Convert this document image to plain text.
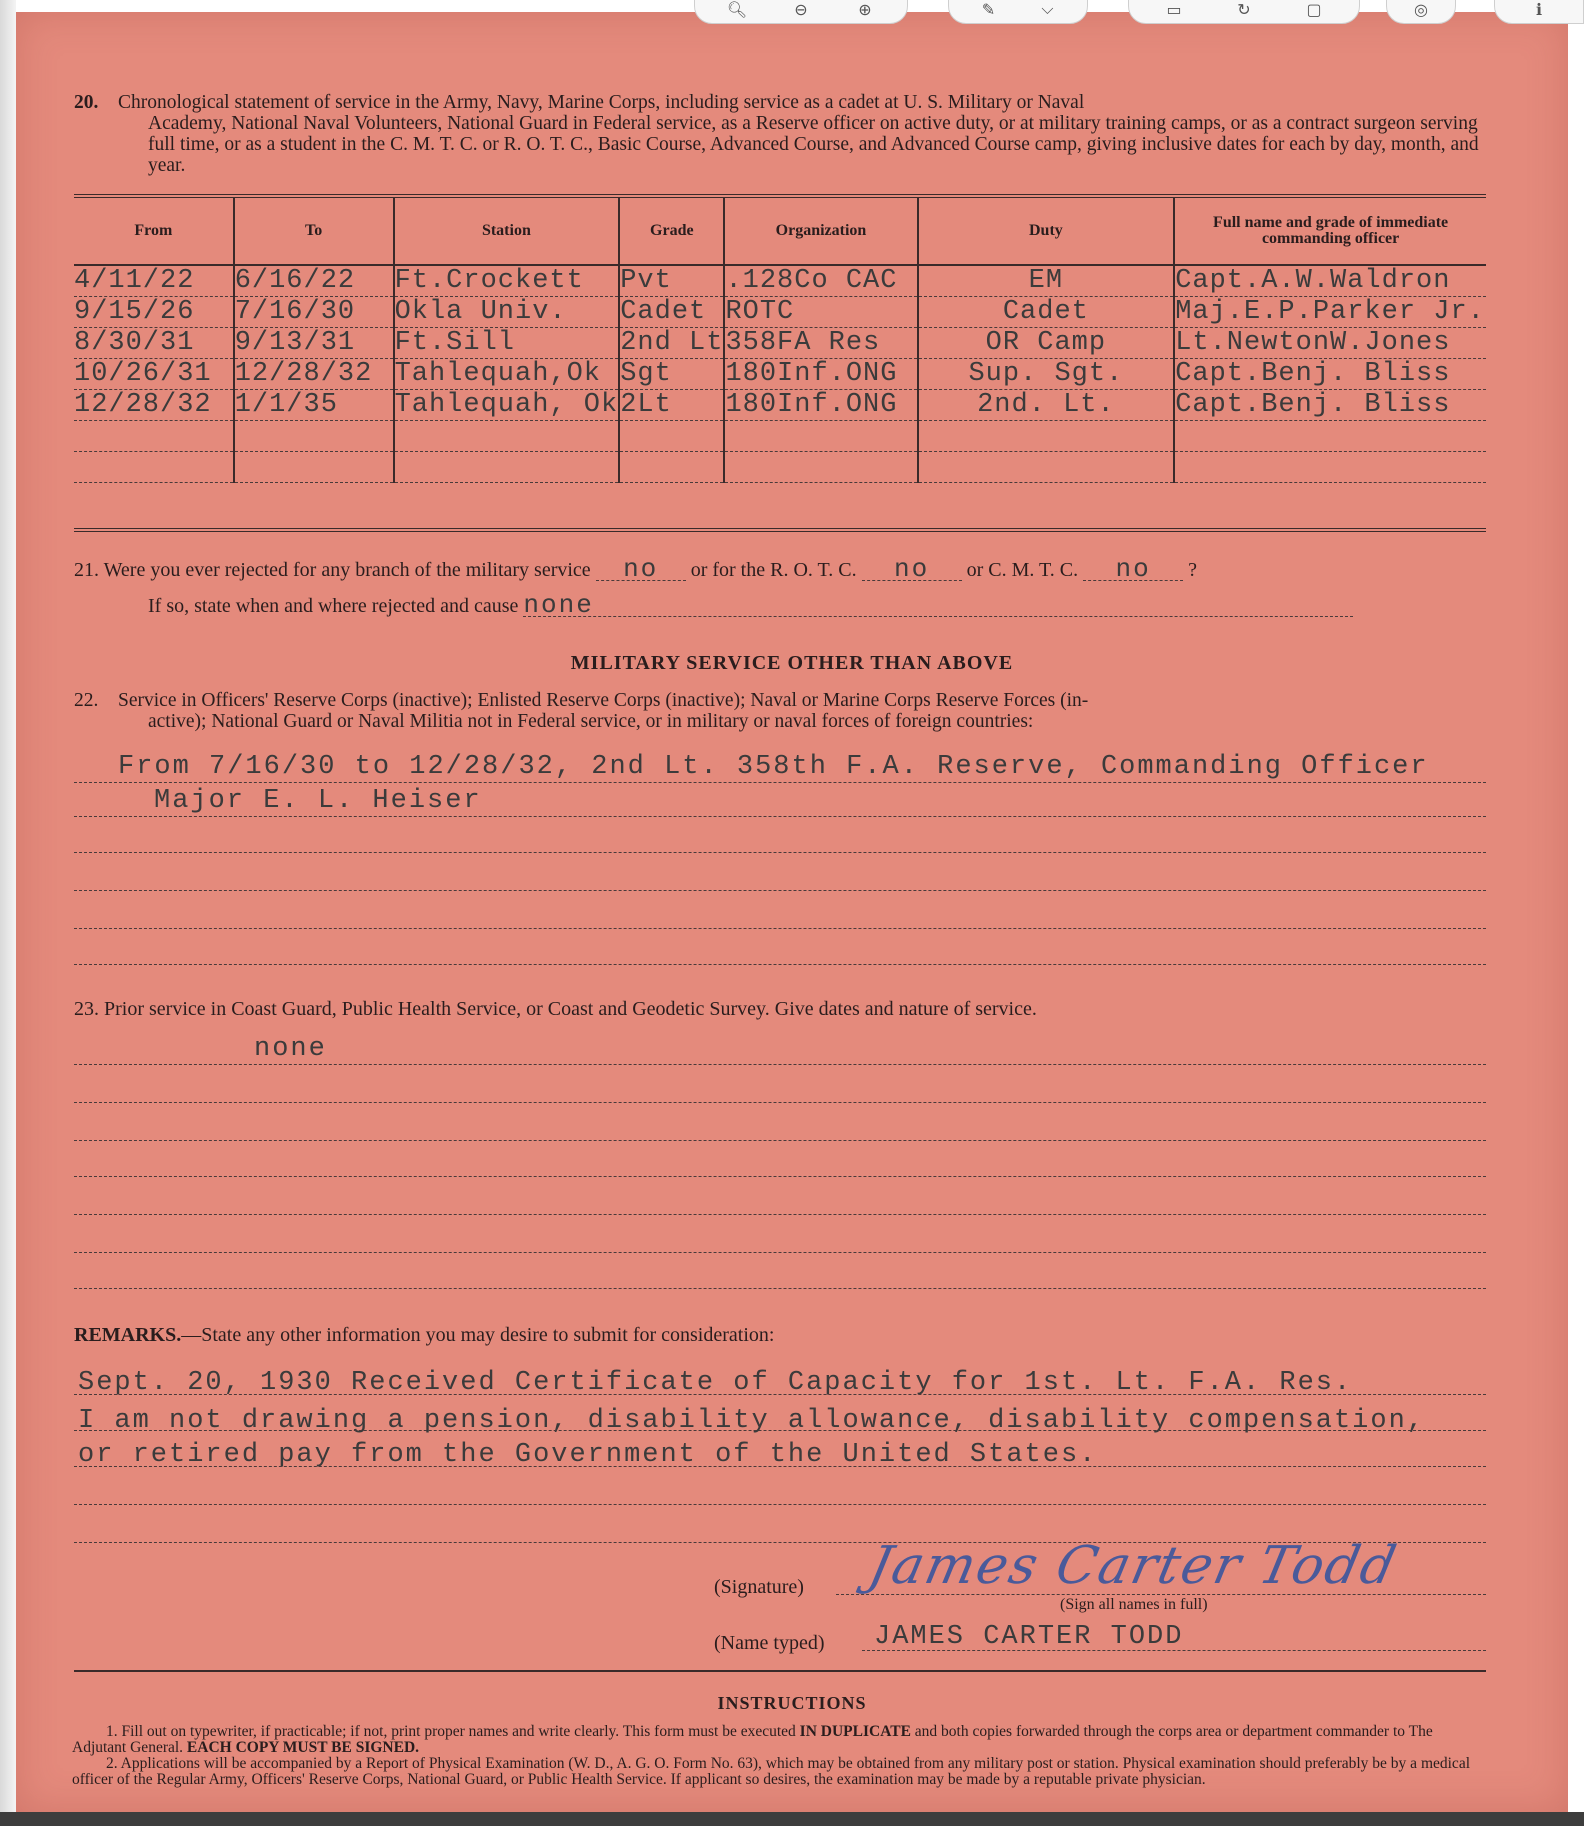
🔍︎	⊖	⊕	✎	⌵	▭	↻	▢	◎	ℹ
20. Chronological statement of service in the Army, Navy, Marine Corps, including service as a cadet at U. S. Military or Naval
Academy, National Naval Volunteers, National Guard in Federal service, as a Reserve officer on active duty, or at military training camps, or as a contract surgeon serving full time, or as a student in the C. M. T. C. or R. O. T. C., Basic Course, Advanced Course, and Advanced Course camp, giving inclusive dates for each by day, month, and year.
From	To	Station	Grade	Organization	Duty	Full name and grade of immediate commanding officer
4/11/22	6/16/22	Ft.Crockett	Pvt	.128Co CAC	EM	Capt.A.W.Waldron
9/15/26	7/16/30	Okla Univ.	Cadet	ROTC	Cadet	Maj.E.P.Parker Jr.
8/30/31	9/13/31	Ft.Sill	2nd Lt	358FA Res	OR Camp	Lt.NewtonW.Jones
10/26/31	12/28/32	Tahlequah,Ok	Sgt	180Inf.ONG	Sup. Sgt.	Capt.Benj. Bliss
12/28/32	1/1/35	Tahlequah, Ok	2Lt	180Inf.ONG	2nd. Lt.	Capt.Benj. Bliss

21. Were you ever rejected for any branch of the military service no or for the R. O. T. C. no or C. M. T. C. no ?
If so, state when and where rejected and cause none
MILITARY SERVICE OTHER THAN ABOVE
22. Service in Officers' Reserve Corps (inactive); Enlisted Reserve Corps (inactive); Naval or Marine Corps Reserve Forces (in-
active); National Guard or Naval Militia not in Federal service, or in military or naval forces of foreign countries:
From 7/16/30 to 12/28/32, 2nd Lt. 358th F.A. Reserve, Commanding Officer
Major E. L. Heiser
23. Prior service in Coast Guard, Public Health Service, or Coast and Geodetic Survey. Give dates and nature of service.
none
REMARKS.—State any other information you may desire to submit for consideration:
Sept. 20, 1930 Received Certificate of Capacity for 1st. Lt. F.A. Res.
I am not drawing a pension, disability allowance, disability compensation,
or retired pay from the Government of the United States.
(Signature) James Carter Todd
(Sign all names in full)
(Name typed) JAMES CARTER TODD
INSTRUCTIONS

1. Fill out on typewriter, if practicable; if not, print proper names and write clearly. This form must be executed IN DUPLICATE and both copies forwarded through the corps area or department commander to The Adjutant General. EACH COPY MUST BE SIGNED.

2. Applications will be accompanied by a Report of Physical Examination (W. D., A. G. O. Form No. 63), which may be obtained from any military post or station. Physical examination should preferably be by a medical officer of the Regular Army, Officers' Reserve Corps, National Guard, or Public Health Service. If applicant so desires, the examination may be made by a reputable private physician.
